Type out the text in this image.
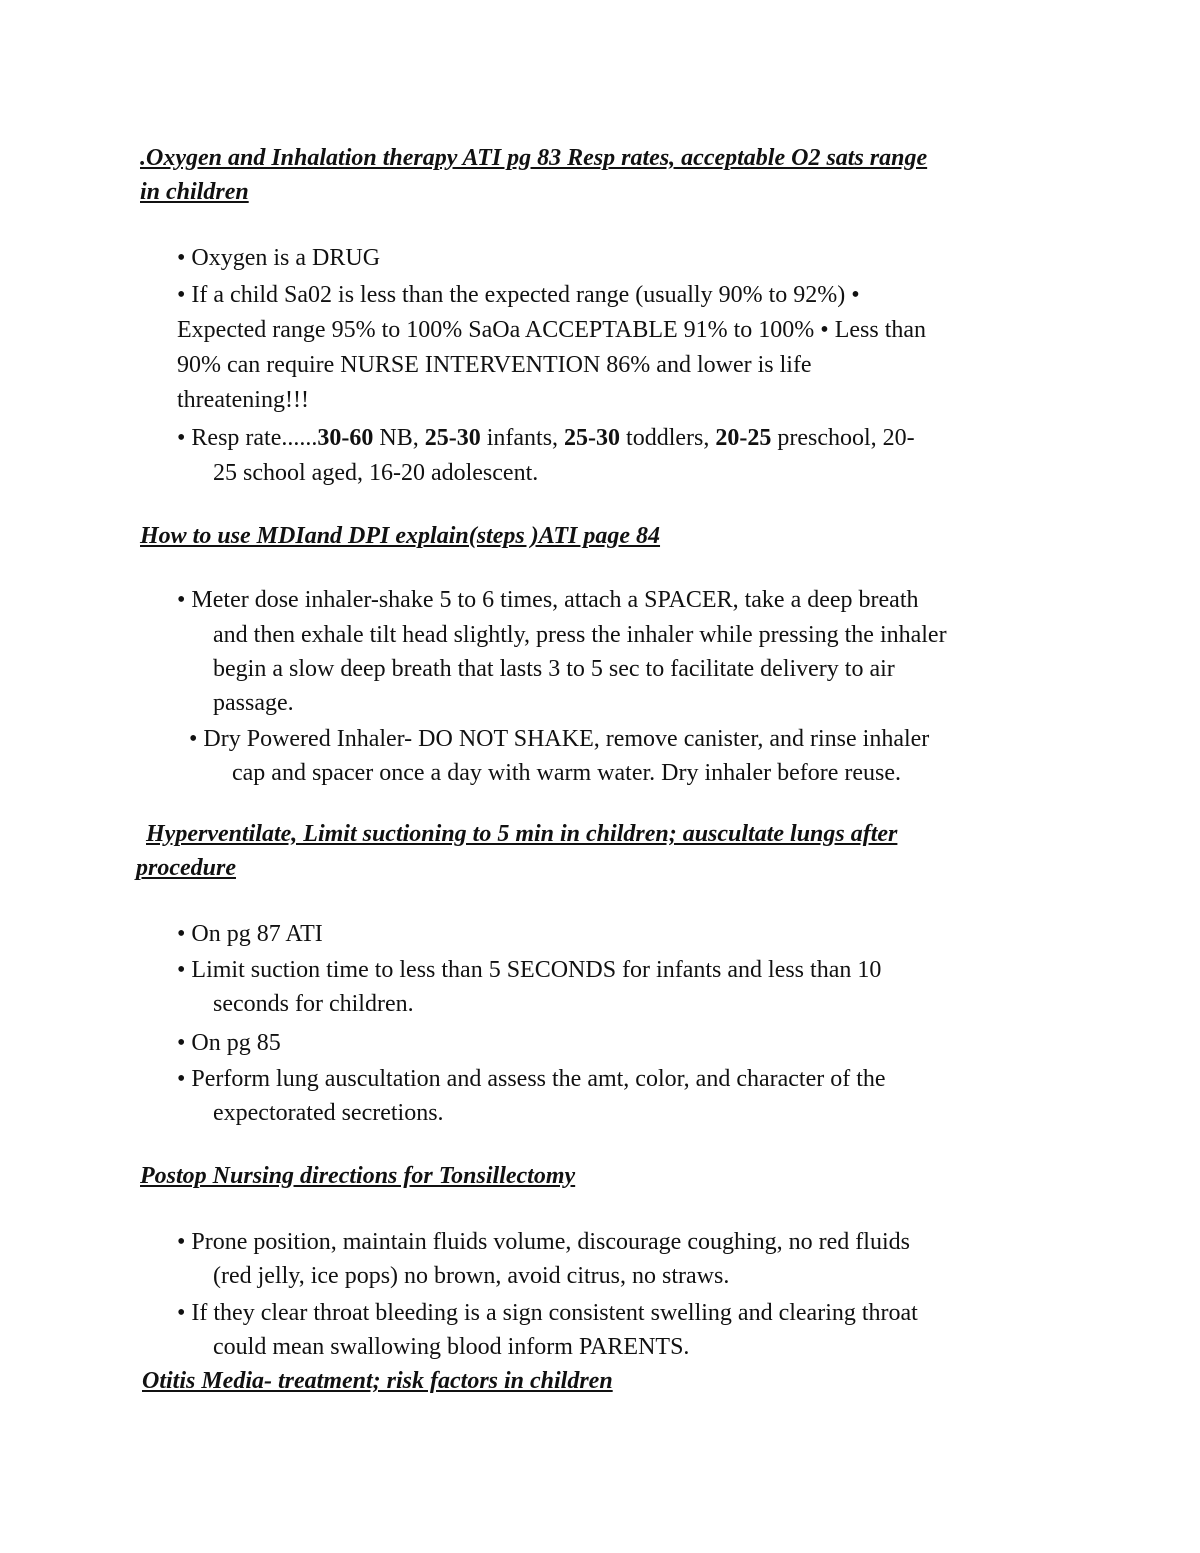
.Oxygen and Inhalation therapy ATI pg 83 Resp rates, acceptable O2 sats range

in children

• Oxygen is a DRUG

• If a child Sa02 is less than the expected range (usually 90% to 92%) •

Expected range 95% to 100% SaOa ACCEPTABLE 91% to 100% • Less than

90% can require NURSE INTERVENTION 86% and lower is life

threatening!!!

• Resp rate......30-60 NB, 25-30 infants, 25-30 toddlers, 20-25 preschool, 20-

25 school aged, 16-20 adolescent.

How to use MDIand DPI explain(steps )ATI page 84

• Meter dose inhaler-shake 5 to 6 times, attach a SPACER, take a deep breath

and then exhale tilt head slightly, press the inhaler while pressing the inhaler

begin a slow deep breath that lasts 3 to 5 sec to facilitate delivery to air

passage.

• Dry Powered Inhaler- DO NOT SHAKE, remove canister, and rinse inhaler

cap and spacer once a day with warm water. Dry inhaler before reuse.

Hyperventilate, Limit suctioning to 5 min in children; auscultate lungs after

procedure

• On pg 87 ATI

• Limit suction time to less than 5 SECONDS for infants and less than 10

seconds for children.

• On pg 85

• Perform lung auscultation and assess the amt, color, and character of the

expectorated secretions.

Postop Nursing directions for Tonsillectomy

• Prone position, maintain fluids volume, discourage coughing, no red fluids

(red jelly, ice pops) no brown, avoid citrus, no straws.

• If they clear throat bleeding is a sign consistent swelling and clearing throat

could mean swallowing blood inform PARENTS.

Otitis Media- treatment; risk factors in children
